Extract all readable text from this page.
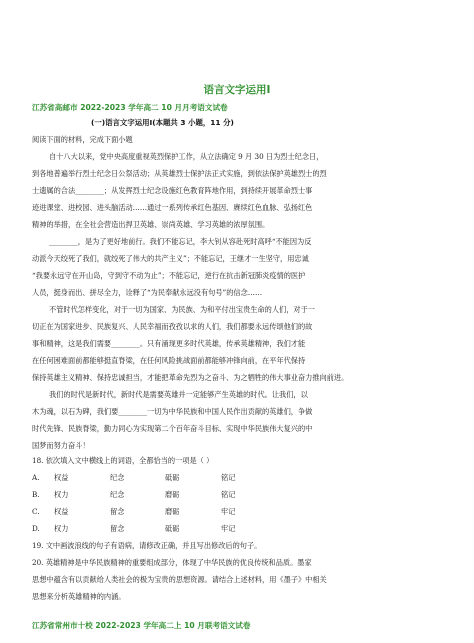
语言文字运用Ⅰ
江苏省高邮市 2022-2023 学年高二 10 月月考语文试卷
(一)语言文字运用Ⅰ(本题共 3 小题，11 分)
阅读下面的材料，完成下面小题
自十八大以来，党中央高度重视英烈保护工作，从立法确定 9 月 30 日为烈士纪念日，
到各地普遍举行烈士纪念日公祭活动；从英雄烈士保护法正式实施，到依法保护英雄烈士的烈
士遗属的合法________；从发挥烈士纪念设施红色教育阵地作用，到持续开展革命烈士事
迹进课堂、进校园、进头脑活动……通过一系列传承红色基因、赓续红色血脉、弘扬红色
精神的举措，在全社会营造出捍卫英雄、崇尚英雄、学习英雄的浓厚氛围。
________，是为了更好地前行。我们不能忘记，李大钊从容赴死时高呼“不能因为反
动派今天绞死了我们，就绞死了伟大的共产主义”；不能忘记，王继才一生坚守，用忠诚
“我要永远守在开山岛，守到守不动为止”；不能忘记，逆行在抗击新冠肺炎疫情的医护
人员，挺身而出、拼尽全力，诠释了“为民奉献永远没有句号”的信念……
不管时代怎样变化，对于一切为国家、为民族、为和平付出宝贵生命的人们，对于一
切正在为国家进步、民族复兴、人民幸福而孜孜以求的人们，我们都要永远传颂他们的故
事和精神，这是我们需要________。只有涌现更多时代英雄，传承英雄精神，我们才能
在任何困难面前都能够挺直脊梁，在任何风险挑战面前都能够冲锋向前，在平年代保持
保持英雄主义精神、保持忠诚担当，才能把革命先烈为之奋斗、为之牺牲的伟大事业奋力推向前进。
我们的时代是新时代，新时代是需要英雄并一定能够产生英雄的时代。让我们，以
木为魂，以石为碑，我们要________一切为中华民族和中国人民作出贡献的英雄们，争做
时代先锋、民族脊梁，勤力同心为实现第二个百年奋斗目标、实现中华民族伟大复兴的中
国梦而努力奋斗！
18. 依次填入文中横线上的词语，全都恰当的一项是（ ）
A. 权益	纪念	砥砺	铭记
B. 权力	纪念	磨砺	铭记
C. 权益	留念	磨砺	牢记
D. 权力	留念	砥砺	牢记
19. 文中画波浪线的句子有语病，请修改正确，并且写出修改后的句子。
20. 英雄精神是中华民族精神的重要组成部分，体现了中华民族的优良传统和品质。墨家
思想中蕴含有以贡献给人类社会的极为宝贵的思想资源。请结合上述材料，用《墨子》中相关
思想来分析英雄精神的内涵。
江苏省常州市十校 2022-2023 学年高二上 10 月联考语文试卷
